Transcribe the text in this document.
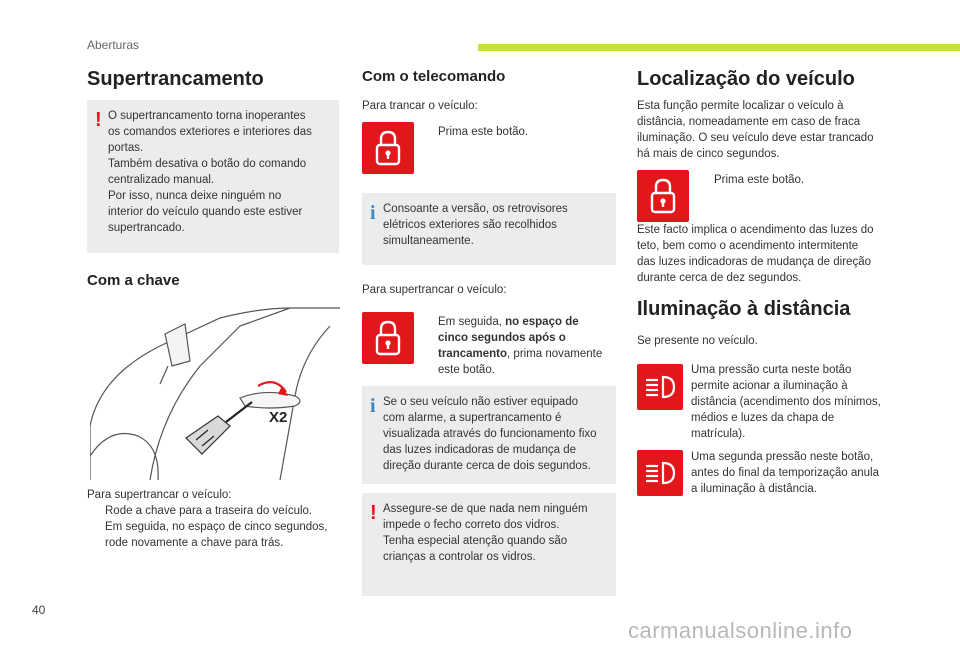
Aberturas
Supertrancamento
! O supertrancamento torna inoperantes
os comandos exteriores e interiores das
portas.
Também desativa o botão do comando
centralizado manual.
Por isso, nunca deixe ninguém no
interior do veículo quando este estiver
supertrancado.
Com a chave
X2
Para supertrancar o veículo:
Rode a chave para a traseira do veículo.
Em seguida, no espaço de cinco segundos,
rode novamente a chave para trás.
Com o telecomando
Para trancar o veículo:
Prima este botão.
i Consoante a versão, os retrovisores
elétricos exteriores são recolhidos
simultaneamente.
Para supertrancar o veículo:
Em seguida, no espaço de
cinco segundos após o
trancamento, prima novamente
este botão.
i Se o seu veículo não estiver equipado
com alarme, a supertrancamento é
visualizada através do funcionamento fixo
das luzes indicadoras de mudança de
direção durante cerca de dois segundos.
! Assegure-se de que nada nem ninguém
impede o fecho correto dos vidros.
Tenha especial atenção quando são
crianças a controlar os vidros.
Localização do veículo
Esta função permite localizar o veículo à
distância, nomeadamente em caso de fraca
iluminação. O seu veículo deve estar trancado
há mais de cinco segundos.
Prima este botão.
Este facto implica o acendimento das luzes do
teto, bem como o acendimento intermitente
das luzes indicadoras de mudança de direção
durante cerca de dez segundos.
Iluminação à distância
Se presente no veículo.
Uma pressão curta neste botão
permite acionar a iluminação à
distância (acendimento dos mínimos,
médios e luzes da chapa de
matrícula).
Uma segunda pressão neste botão,
antes do final da temporização anula
a iluminação à distância.
40
carmanualsonline.info
